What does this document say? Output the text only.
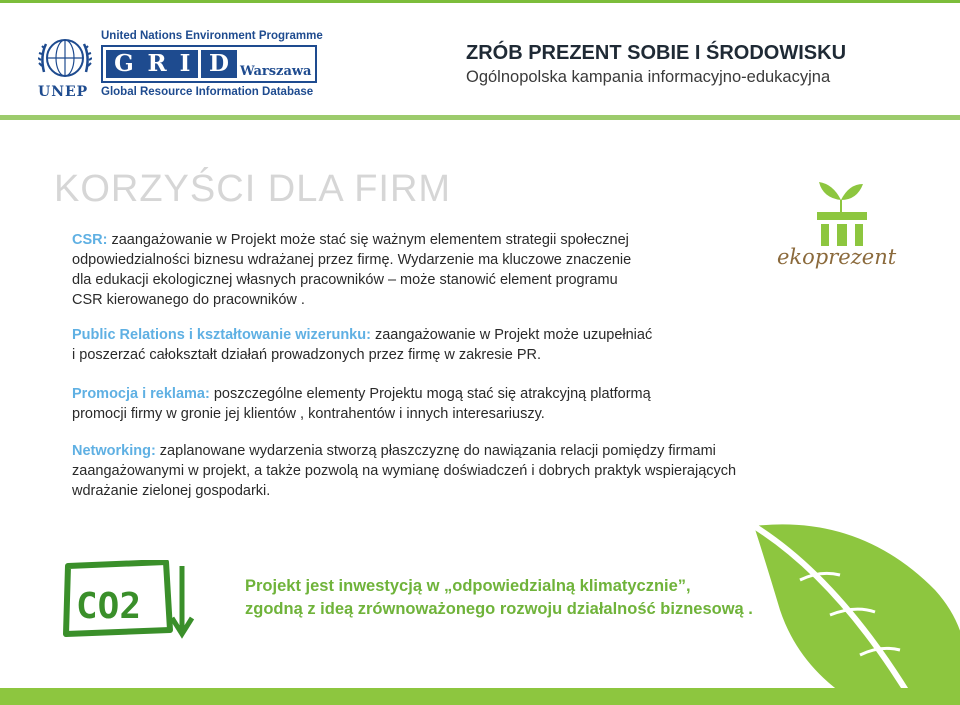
UNEP
United Nations Environment Programme
G R I D Warszawa
Global Resource Information Database
ZRÓB PREZENT SOBIE I ŚRODOWISKU
Ogólnopolska kampania informacyjno-edukacyjna
KORZYŚCI DLA FIRM
ekoprezent
CSR: zaangażowanie w Projekt może stać się ważnym elementem strategii społecznej
odpowiedzialności biznesu wdrażanej przez firmę. Wydarzenie ma kluczowe znaczenie
dla edukacji ekologicznej własnych pracowników – może stanowić element programu
CSR kierowanego do pracowników .
Public Relations i kształtowanie wizerunku: zaangażowanie w Projekt może uzupełniać
i poszerzać całokształt działań prowadzonych przez firmę w zakresie PR.
Promocja i reklama: poszczególne elementy Projektu mogą stać się atrakcyjną platformą
promocji firmy w gronie jej klientów , kontrahentów i innych interesariuszy.
Networking: zaplanowane wydarzenia stworzą płaszczyznę do nawiązania relacji pomiędzy firmami
zaangażowanymi w projekt, a także pozwolą na wymianę doświadczeń i dobrych praktyk wspierających
wdrażanie zielonej gospodarki.
CO2	Projekt jest inwestycją w „odpowiedzialną klimatycznie”,
zgodną z ideą zrównoważonego rozwoju działalność biznesową .
